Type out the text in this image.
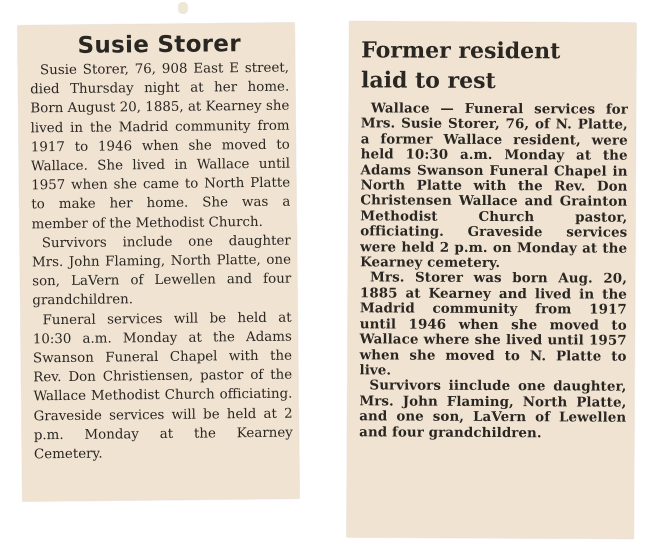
Susie Storer

Susie Storer, 76, 908 East E street, died Thursday night at her home. Born August 20, 1885, at Kearney she lived in the Madrid community from 1917 to 1946 when she moved to Wallace. She lived in Wallace until 1957 when she came to North Platte to make her home. She was a member of the Methodist Church.

Survivors include one daughter Mrs. John Flaming, North Platte, one son, LaVern of Lewellen and four grandchildren.

Funeral services will be held at 10:30 a.m. Monday at the Adams Swanson Funeral Chapel with the Rev. Don Christiensen, pastor of the Wallace Methodist Church officiating. Graveside services will be held at 2 p.m. Monday at the Kearney Cemetery.

Former resident
laid to rest

Wallace — Funeral services for Mrs. Susie Storer, 76, of N. Platte, a former Wallace resident, were held 10:30 a.m. Monday at the Adams Swanson Funeral Chapel in North Platte with the Rev. Don Christensen Wallace and Grainton Methodist Church pastor, officiating. Graveside services were held 2 p.m. on Monday at the Kearney cemetery.

Mrs. Storer was born Aug. 20, 1885 at Kearney and lived in the Madrid community from 1917 until 1946 when she moved to Wallace where she lived until 1957 when she moved to N. Platte to live.

Survivors iinclude one daughter, Mrs. John Flaming, North Platte, and one son, LaVern of Lewellen and four grandchildren.
